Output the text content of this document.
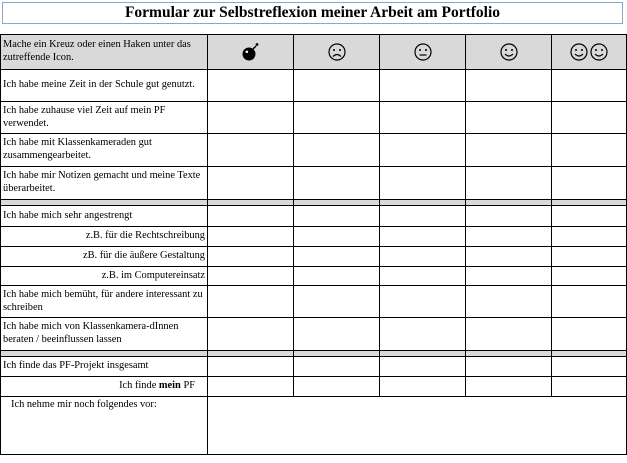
Formular zur Selbstreflexion meiner Arbeit am Portfolio
Mache ein Kreuz oder einen Haken unter das zutreffende Icon.					
Ich habe meine Zeit in der Schule gut genutzt.					
Ich habe zuhause viel Zeit auf mein PF verwendet.					
Ich habe mit Klassenkameraden gut zusammengearbeitet.					
Ich habe mir Notizen gemacht und meine Texte überarbeitet.					

Ich habe mich sehr angestrengt					
z.B. für die Rechtschreibung					
zB. für die äußere Gestaltung					
z.B. im Computereinsatz					
Ich habe mich bemüht, für andere interessant zu schreiben					
Ich habe mich von Klassenkamera-dInnen beraten / beeinflussen lassen					

Ich finde das PF-Projekt insgesamt					
Ich finde mein PF					
Ich nehme mir noch folgendes vor:					
